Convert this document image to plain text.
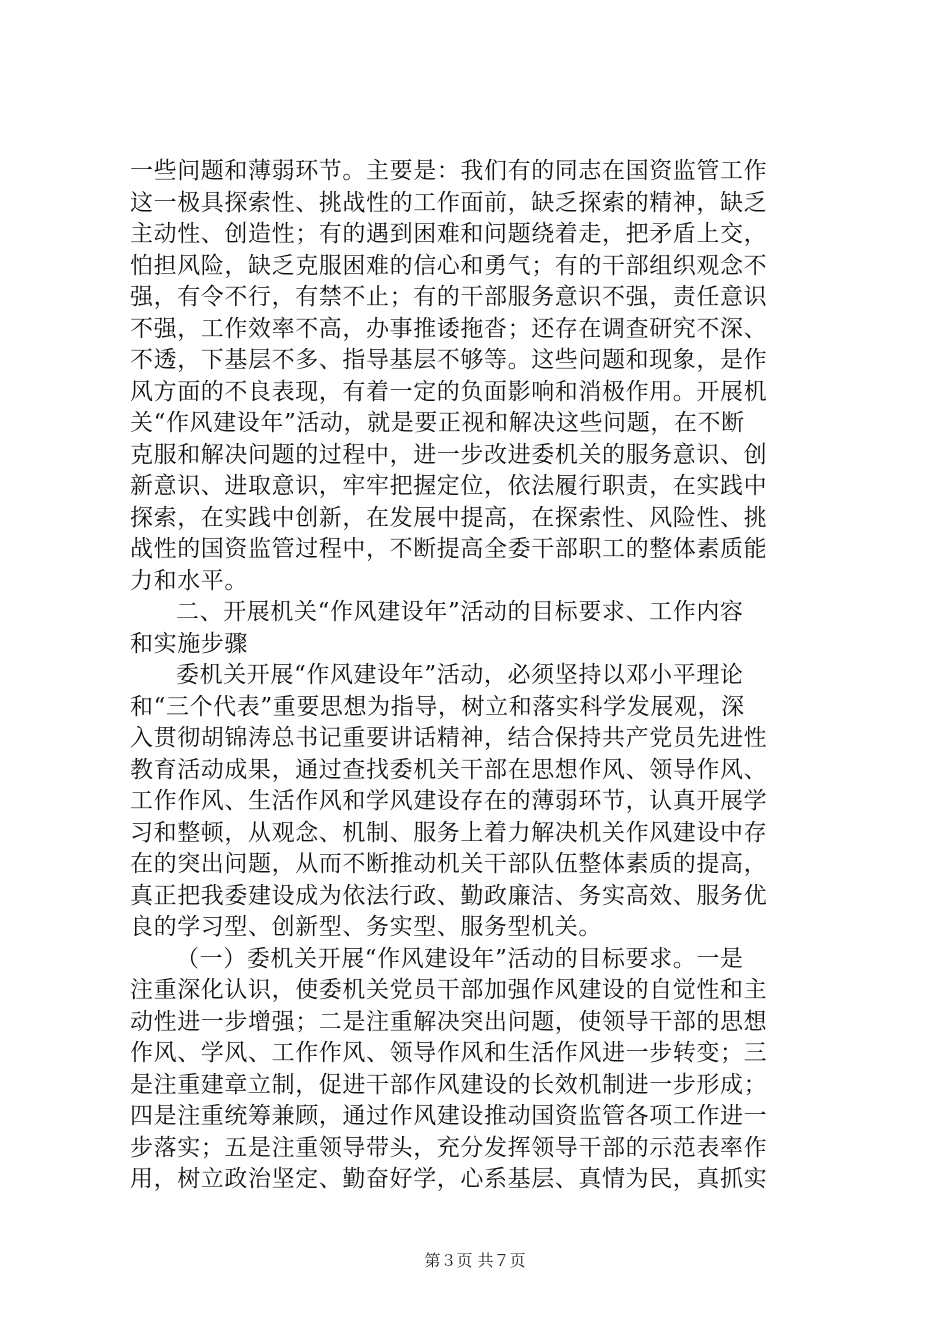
一些问题和薄弱环节。主要是：我们有的同志在国资监管工作
这一极具探索性、挑战性的工作面前，缺乏探索的精神，缺乏
主动性、创造性；有的遇到困难和问题绕着走，把矛盾上交，
怕担风险，缺乏克服困难的信心和勇气；有的干部组织观念不
强，有令不行，有禁不止；有的干部服务意识不强，责任意识
不强，工作效率不高，办事推诿拖沓；还存在调查研究不深、
不透，下基层不多、指导基层不够等。这些问题和现象，是作
风方面的不良表现，有着一定的负面影响和消极作用。开展机
关“作风建设年”活动，就是要正视和解决这些问题，在不断
克服和解决问题的过程中，进一步改进委机关的服务意识、创
新意识、进取意识，牢牢把握定位，依法履行职责，在实践中
探索，在实践中创新，在发展中提高，在探索性、风险性、挑
战性的国资监管过程中，不断提高全委干部职工的整体素质能
力和水平。
二、开展机关“作风建设年”活动的目标要求、工作内容
和实施步骤
委机关开展“作风建设年”活动，必须坚持以邓小平理论
和“三个代表”重要思想为指导，树立和落实科学发展观，深
入贯彻胡锦涛总书记重要讲话精神，结合保持共产党员先进性
教育活动成果，通过查找委机关干部在思想作风、领导作风、
工作作风、生活作风和学风建设存在的薄弱环节，认真开展学
习和整顿，从观念、机制、服务上着力解决机关作风建设中存
在的突出问题，从而不断推动机关干部队伍整体素质的提高，
真正把我委建设成为依法行政、勤政廉洁、务实高效、服务优
良的学习型、创新型、务实型、服务型机关。
（一）委机关开展“作风建设年”活动的目标要求。一是
注重深化认识，使委机关党员干部加强作风建设的自觉性和主
动性进一步增强；二是注重解决突出问题，使领导干部的思想
作风、学风、工作作风、领导作风和生活作风进一步转变；三
是注重建章立制，促进干部作风建设的长效机制进一步形成；
四是注重统筹兼顾，通过作风建设推动国资监管各项工作进一
步落实；五是注重领导带头，充分发挥领导干部的示范表率作
用，树立政治坚定、勤奋好学，心系基层、真情为民，真抓实
第３页 共７页
